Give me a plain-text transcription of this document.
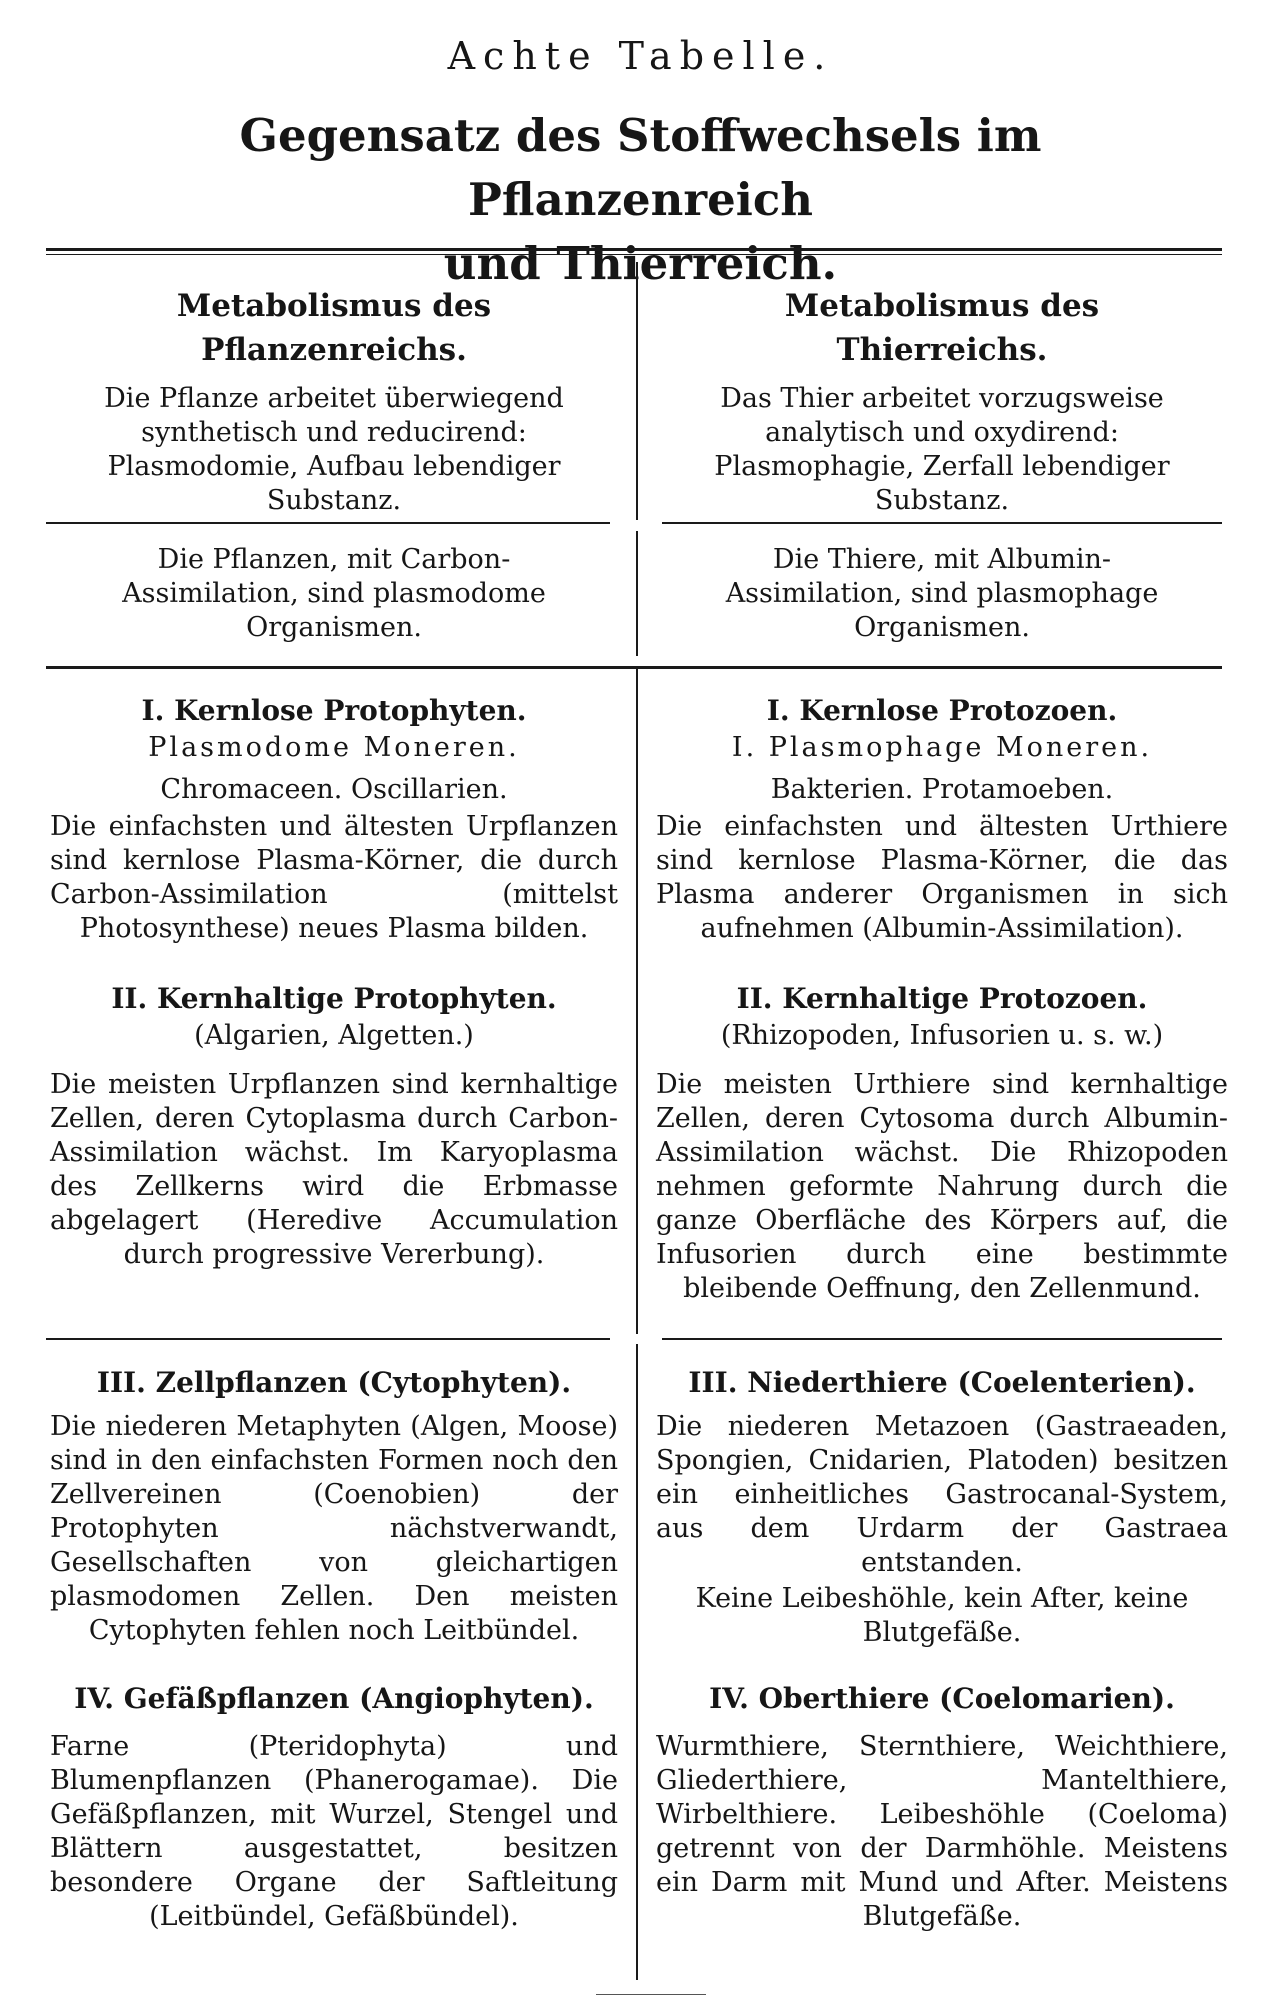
Achte Tabelle.
Gegensatz des Stoffwechsels im Pflanzenreich
und Thierreich.
Metabolismus des
Pflanzenreichs.
Die Pflanze arbeitet überwiegend synthetisch und reducirend: Plasmodomie, Aufbau lebendiger Substanz.
Metabolismus des
Thierreichs.
Das Thier arbeitet vorzugsweise analytisch und oxydirend: Plasmophagie, Zerfall lebendiger Substanz.
Die Pflanzen, mit Carbon-Assimilation, sind plasmodome Organismen.
Die Thiere, mit Albumin-Assimilation, sind plasmophage Organismen.
I. Kernlose Protophyten.
Plasmodome Moneren.
Chromaceen. Oscillarien.
Die einfachsten und ältesten Urpflanzen sind kernlose Plasma-Körner, die durch Carbon-Assimilation (mittelst Photosynthese) neues Plasma bilden.
I. Kernlose Protozoen.
I. Plasmophage Moneren.
Bakterien. Protamoeben.
Die einfachsten und ältesten Urthiere sind kernlose Plasma-Körner, die das Plasma anderer Organismen in sich aufnehmen (Albumin-Assimilation).
II. Kernhaltige Protophyten.
(Algarien, Algetten.)
Die meisten Urpflanzen sind kernhaltige Zellen, deren Cytoplasma durch Carbon-Assimilation wächst. Im Karyoplasma des Zellkerns wird die Erbmasse abgelagert (Heredive Accumulation durch progressive Vererbung).
II. Kernhaltige Protozoen.
(Rhizopoden, Infusorien u. s. w.)
Die meisten Urthiere sind kernhaltige Zellen, deren Cytosoma durch Albumin-Assimilation wächst. Die Rhizopoden nehmen geformte Nahrung durch die ganze Oberfläche des Körpers auf, die Infusorien durch eine bestimmte bleibende Oeffnung, den Zellenmund.
III. Zellpflanzen (Cytophyten).
Die niederen Metaphyten (Algen, Moose) sind in den einfachsten Formen noch den Zellvereinen (Coenobien) der Protophyten nächstverwandt, Gesellschaften von gleichartigen plasmodomen Zellen. Den meisten Cytophyten fehlen noch Leitbündel.
III. Niederthiere (Coelenterien).
Die niederen Metazoen (Gastraeaden, Spongien, Cnidarien, Platoden) besitzen ein einheitliches Gastrocanal-System, aus dem Urdarm der Gastraea entstanden.
Keine Leibeshöhle, kein After, keine Blutgefäße.
IV. Gefäßpflanzen (Angiophyten).
Farne (Pteridophyta) und Blumenpflanzen (Phanerogamae). Die Gefäßpflanzen, mit Wurzel, Stengel und Blättern ausgestattet, besitzen besondere Organe der Saftleitung (Leitbündel, Gefäßbündel).
IV. Oberthiere (Coelomarien).
Wurmthiere, Sternthiere, Weichthiere, Gliederthiere, Mantelthiere, Wirbelthiere. Leibeshöhle (Coeloma) getrennt von der Darmhöhle. Meistens ein Darm mit Mund und After. Meistens Blutgefäße.
